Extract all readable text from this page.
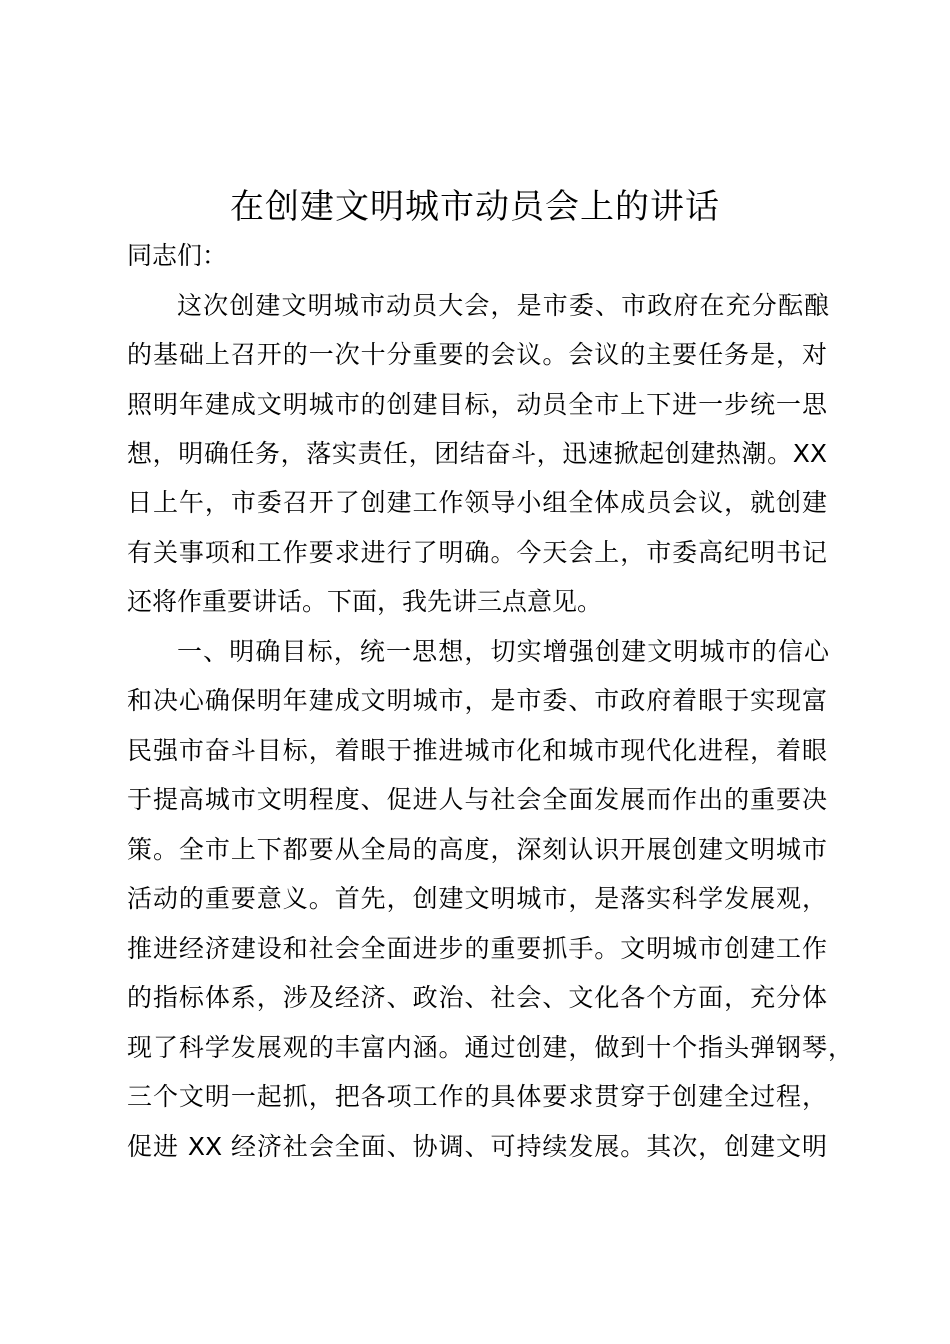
在创建文明城市动员会上的讲话

同志们：

这次创建文明城市动员大会，是市委、市政府在充分酝酿

的基础上召开的一次十分重要的会议。会议的主要任务是，对

照明年建成文明城市的创建目标，动员全市上下进一步统一思

想，明确任务，落实责任，团结奋斗，迅速掀起创建热潮。XX

日上午，市委召开了创建工作领导小组全体成员会议，就创建

有关事项和工作要求进行了明确。今天会上，市委高纪明书记

还将作重要讲话。下面，我先讲三点意见。

一、明确目标，统一思想，切实增强创建文明城市的信心

和决心确保明年建成文明城市，是市委、市政府着眼于实现富

民强市奋斗目标，着眼于推进城市化和城市现代化进程，着眼

于提高城市文明程度、促进人与社会全面发展而作出的重要决

策。全市上下都要从全局的高度，深刻认识开展创建文明城市

活动的重要意义。首先，创建文明城市，是落实科学发展观，

推进经济建设和社会全面进步的重要抓手。文明城市创建工作

的指标体系，涉及经济、政治、社会、文化各个方面，充分体

现了科学发展观的丰富内涵。通过创建，做到十个指头弹钢琴，

三个文明一起抓，把各项工作的具体要求贯穿于创建全过程，

促进 XX 经济社会全面、协调、可持续发展。其次，创建文明
